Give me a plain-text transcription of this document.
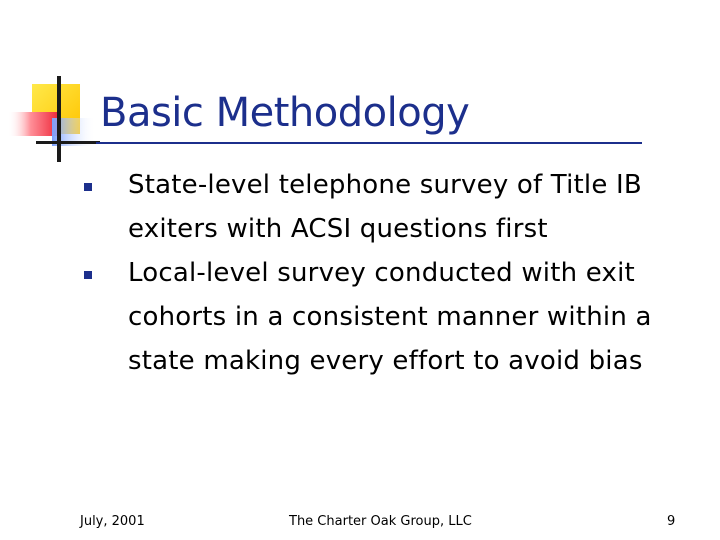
Basic Methodology
State-level telephone survey of Title IB exiters with ACSI questions first
Local-level survey conducted with exit cohorts in a consistent manner within a state making every effort to avoid bias
July, 2001	The Charter Oak Group, LLC	9
